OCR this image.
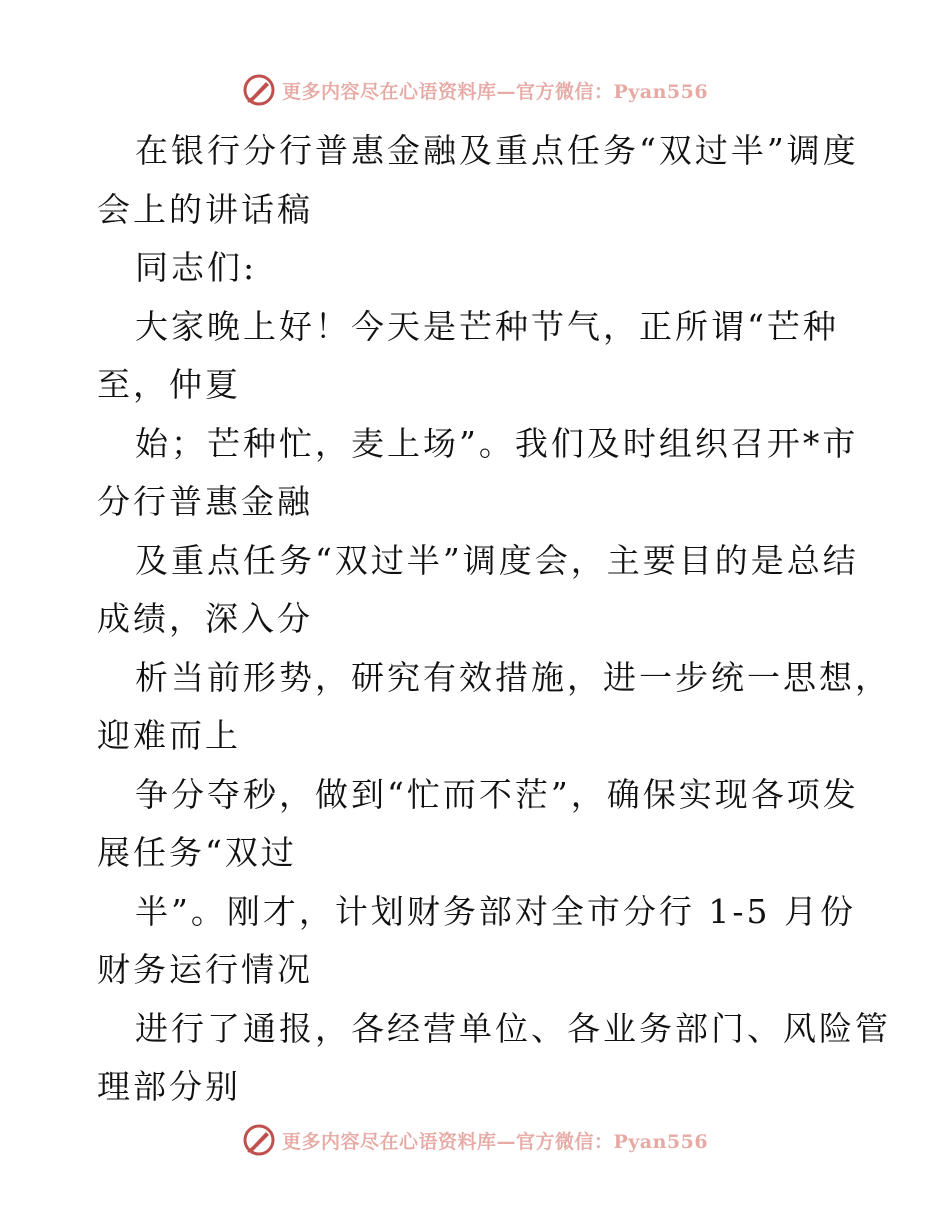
更多内容尽在心语资料库—官方微信：Pyan556
在银行分行普惠金融及重点任务“双过半”调度
会上的讲话稿
同志们:
大家晚上好！今天是芒种节气，正所谓“芒种
至，仲夏
始；芒种忙，麦上场”。我们及时组织召开*市
分行普惠金融
及重点任务“双过半”调度会，主要目的是总结
成绩，深入分
析当前形势，研究有效措施，进一步统一思想，
迎难而上
争分夺秒，做到“忙而不茫”，确保实现各项发
展任务“双过
半”。刚才，计划财务部对全市分行 1-5 月份
财务运行情况
进行了通报，各经营单位、各业务部门、风险管
理部分别
更多内容尽在心语资料库—官方微信：Pyan556
